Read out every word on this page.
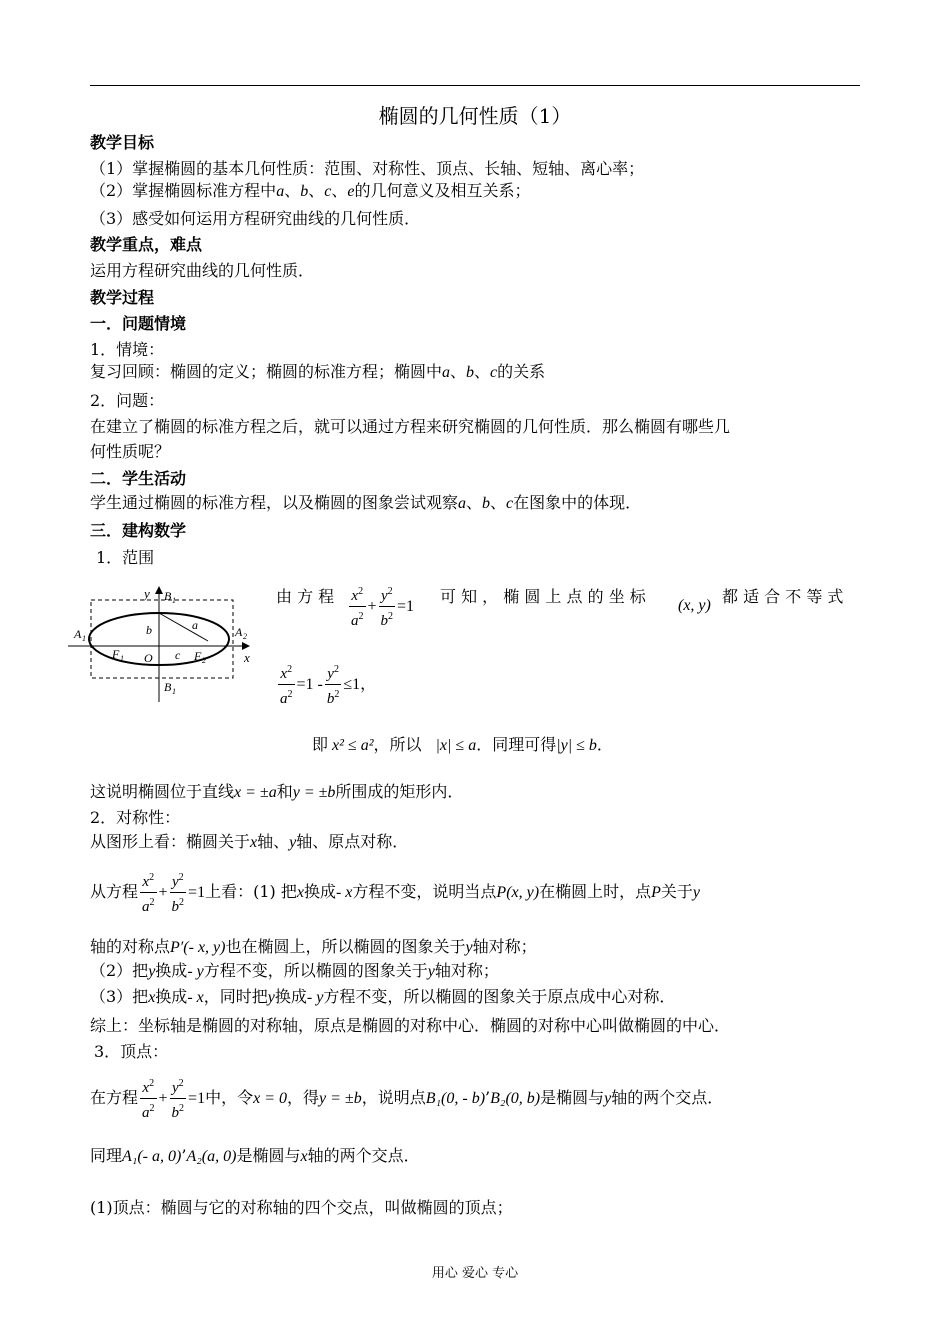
椭圆的几何性质（1）
教学目标
（1）掌握椭圆的基本几何性质：范围、对称性、顶点、长轴、短轴、离心率；
（2）掌握椭圆标准方程中a、b、c、e的几何意义及相互关系；
（3）感受如何运用方程研究曲线的几何性质．
教学重点，难点
运用方程研究曲线的几何性质．
教学过程
一．问题情境
1．情境：
复习回顾：椭圆的定义；椭圆的标准方程；椭圆中a、b、c的关系
2．问题：
在建立了椭圆的标准方程之后，就可以通过方程来研究椭圆的几何性质．那么椭圆有哪些几
何性质呢？
二．学生活动
学生通过椭圆的标准方程，以及椭圆的图象尝试观察a、b、c在图象中的体现．
三．建构数学
1．范围
y
x
B 1
B 1
A 1	A 2
F 1	F 2
O
a
b
c
由 方 程 $\frac{x^2}{a^2} + \frac{y^2}{b^2} =1$
可 知 ， 椭 圆 上 点 的 坐 标 (x, y) 都 适 合 不 等 式
$\frac{x^2}{a^2} =1 - \frac{y^2}{b^2} \le 1$，
即 x² ≤ a²，所以 |x| ≤ a．同理可得|y| ≤ b．
这说明椭圆位于直线x = ±a和y = ±b所围成的矩形内．
2．对称性：
从图形上看：椭圆关于x轴、y轴、原点对称．
从方程 $\frac{x^2}{a^2} + \frac{y^2}{b^2} =1$上看：(1) 把x换成- x方程不变，说明当点P(x, y)在椭圆上时，点P关于y
轴的对称点P′(- x, y)也在椭圆上，所以椭圆的图象关于y轴对称；
（2）把y换成- y方程不变，所以椭圆的图象关于y轴对称；
（3）把x换成- x，同时把y换成- y方程不变，所以椭圆的图象关于原点成中心对称．
综上：坐标轴是椭圆的对称轴，原点是椭圆的对称中心．椭圆的对称中心叫做椭圆的中心．
3．顶点：
在方程 $\frac{x^2}{a^2} + \frac{y^2}{b^2} =1$中，令x = 0，得y = ±b，说明点B₁(0, - b)’B₂(0, b)是椭圆与y轴的两个交点．
同理A₁(- a, 0)’A₂(a, 0)是椭圆与x轴的两个交点．
(1)顶点：椭圆与它的对称轴的四个交点，叫做椭圆的顶点；
用心 爱心 专心
